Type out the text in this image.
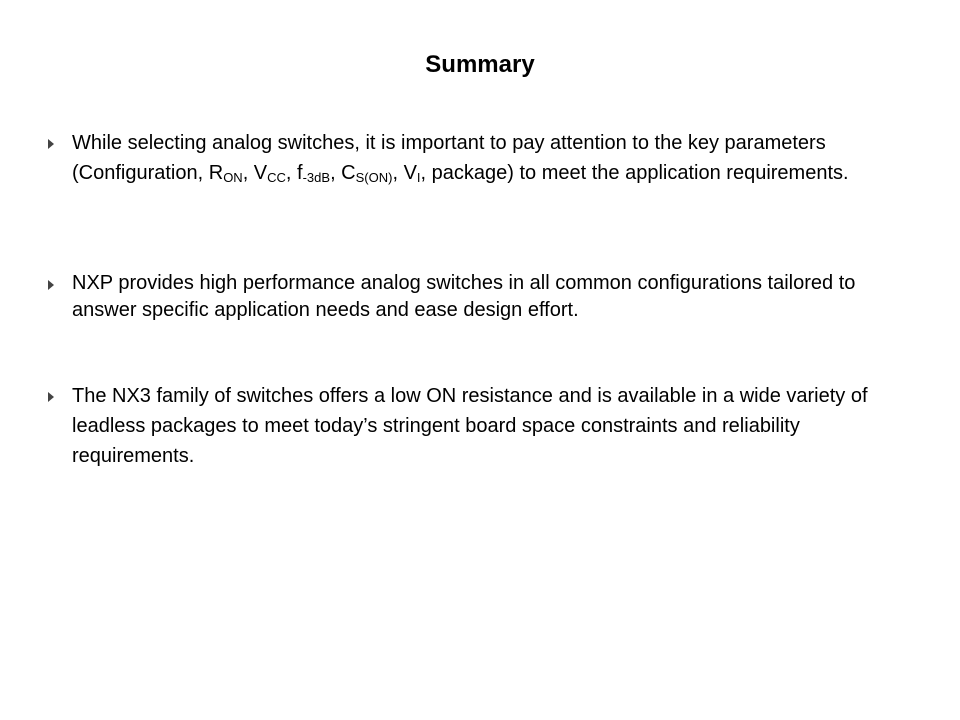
Summary
While selecting analog switches, it is important to pay attention to the key parameters (Configuration, $R_{ON}$, $V_{CC}$, $f_{-3dB}$, $C_{S(ON)}$, $V_I$, package) to meet the application requirements.
NXP provides high performance analog switches in all common configurations tailored to answer specific application needs and ease design effort.
The NX3 family of switches offers a low ON resistance and is available in a wide variety of leadless packages to meet today’s stringent board space constraints and reliability requirements.
